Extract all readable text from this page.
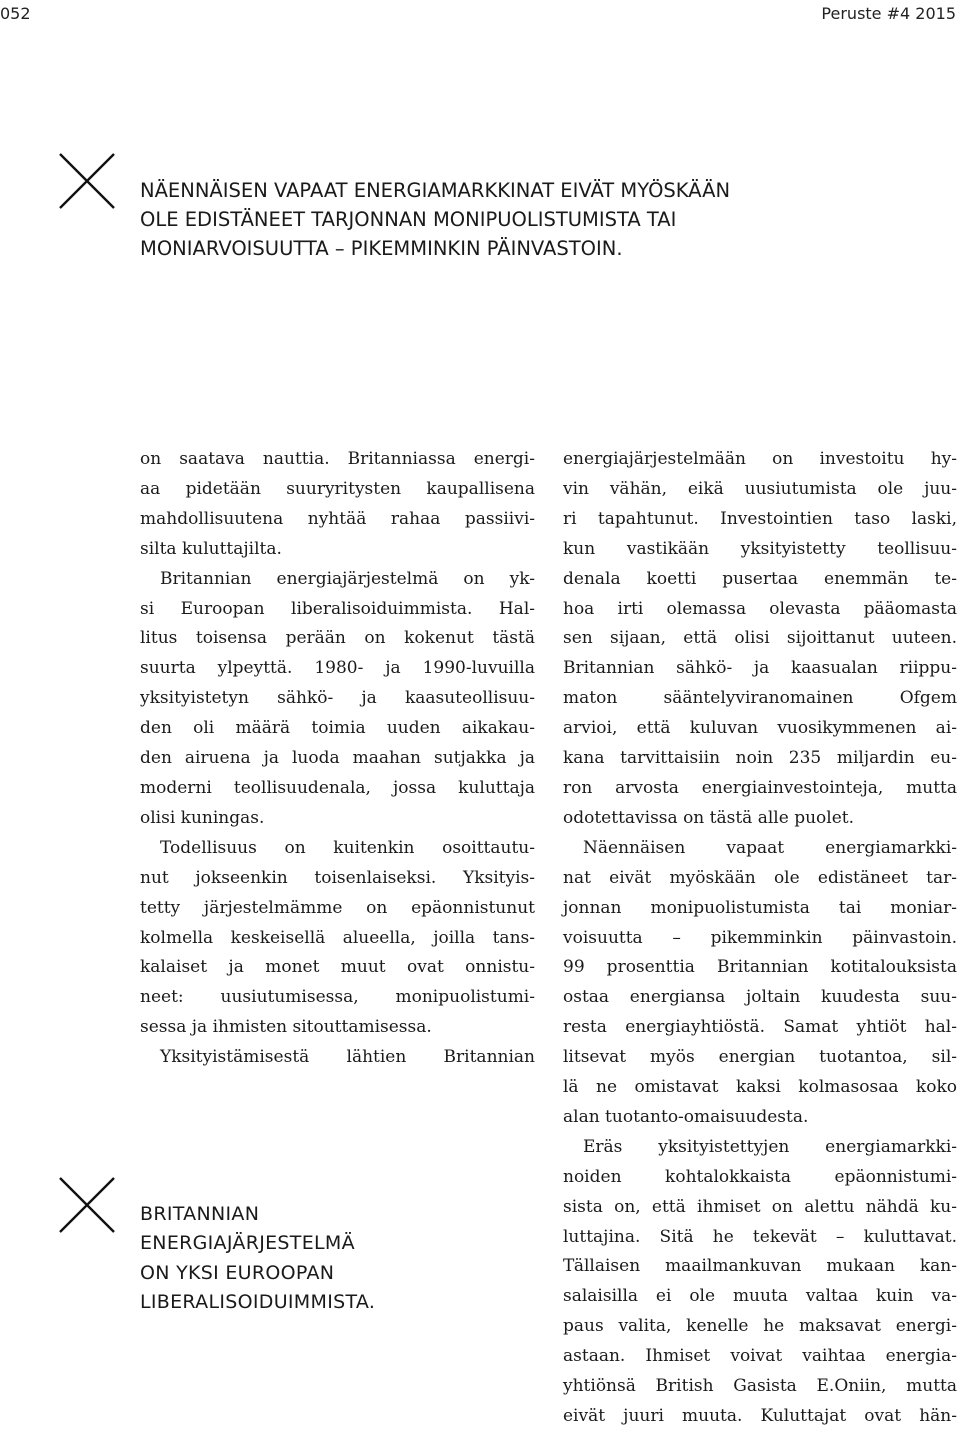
052	Peruste #4 2015
NÄENNÄISEN VAPAAT ENERGIAMARKKINAT EIVÄT MYÖSKÄÄN
OLE EDISTÄNEET TARJONNAN MONIPUOLISTUMISTA TAI
MONIARVOISUUTTA – PIKEMMINKIN PÄINVASTOIN.
on saatava nauttia. Britanniassa energi-
aa pidetään suuryritysten kaupallisena
mahdollisuutena nyhtää rahaa passiivi-
silta kuluttajilta.
Britannian energiajärjestelmä on yk-
si Euroopan liberalisoiduimmista. Hal-
litus toisensa perään on kokenut tästä
suurta ylpeyttä. 1980- ja 1990-luvuilla
yksityistetyn sähkö- ja kaasuteollisuu-
den oli määrä toimia uuden aikakau-
den airuena ja luoda maahan sutjakka ja
moderni teollisuudenala, jossa kuluttaja
olisi kuningas.
Todellisuus on kuitenkin osoittautu-
nut jokseenkin toisenlaiseksi. Yksityis-
tetty järjestelmämme on epäonnistunut
kolmella keskeisellä alueella, joilla tans-
kalaiset ja monet muut ovat onnistu-
neet: uusiutumisessa, monipuolistumi-
sessa ja ihmisten sitouttamisessa.
Yksityistämisestä lähtien Britannian
energiajärjestelmään on investoitu hy-
vin vähän, eikä uusiutumista ole juu-
ri tapahtunut. Investointien taso laski,
kun vastikään yksityistetty teollisuu-
denala koetti pusertaa enemmän te-
hoa irti olemassa olevasta pääomasta
sen sijaan, että olisi sijoittanut uuteen.
Britannian sähkö- ja kaasualan riippu-
maton sääntelyviranomainen Ofgem
arvioi, että kuluvan vuosikymmenen ai-
kana tarvittaisiin noin 235 miljardin eu-
ron arvosta energiainvestointeja, mutta
odotettavissa on tästä alle puolet.
Näennäisen vapaat energiamarkki-
nat eivät myöskään ole edistäneet tar-
jonnan monipuolistumista tai moniar-
voisuutta – pikemminkin päinvastoin.
99 prosenttia Britannian kotitalouksista
ostaa energiansa joltain kuudesta suu-
resta energiayhtiöstä. Samat yhtiöt hal-
litsevat myös energian tuotantoa, sil-
lä ne omistavat kaksi kolmasosaa koko
alan tuotanto-omaisuudesta.
Eräs yksityistettyjen energiamarkki-
noiden kohtalokkaista epäonnistumi-
sista on, että ihmiset on alettu nähdä ku-
luttajina. Sitä he tekevät – kuluttavat.
Tällaisen maailmankuvan mukaan kan-
salaisilla ei ole muuta valtaa kuin va-
paus valita, kenelle he maksavat energi-
astaan. Ihmiset voivat vaihtaa energia-
yhtiönsä British Gasista E.Oniin, mutta
eivät juuri muuta. Kuluttajat ovat hän-
BRITANNIAN
ENERGIAJÄRJESTELMÄ
ON YKSI EUROOPAN
LIBERALISOIDUIMMISTA.
